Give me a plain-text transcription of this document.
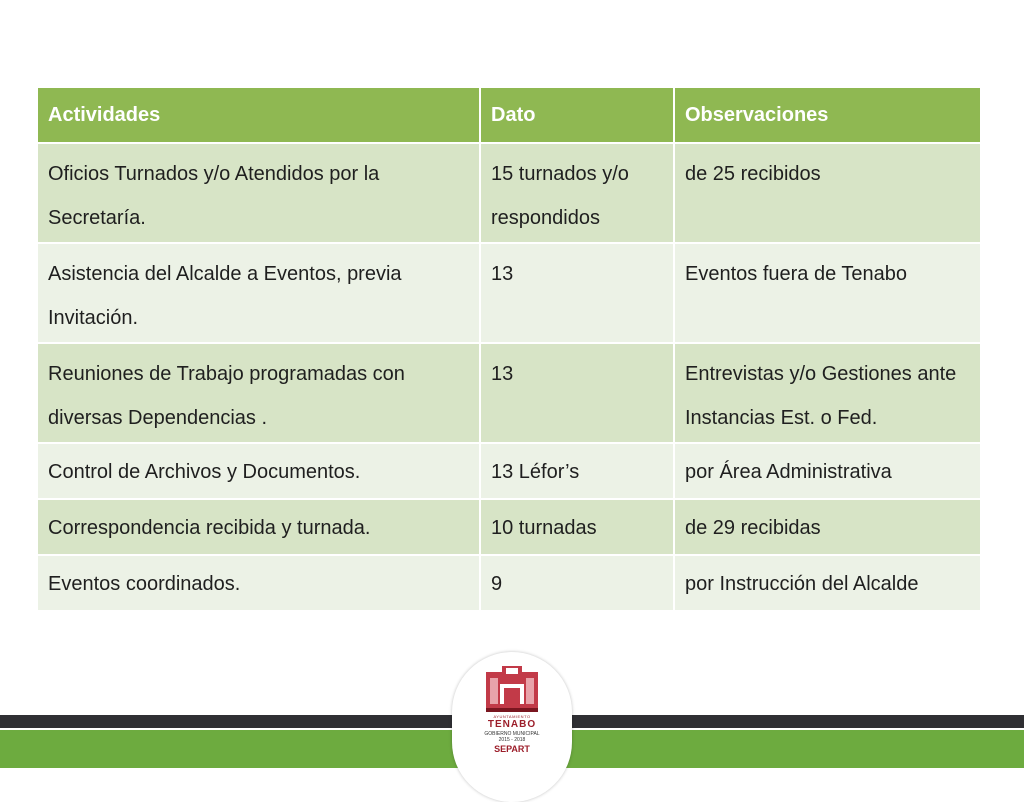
Actividades	Dato	Observaciones
Oficios Turnados y/o Atendidos por la Secretaría.	15 turnados y/o respondidos	de 25 recibidos
Asistencia del Alcalde a Eventos, previa Invitación.	13	Eventos fuera de Tenabo
Reuniones de Trabajo programadas con diversas Dependencias .	13	Entrevistas y/o Gestiones ante Instancias Est. o Fed.
Control de Archivos y Documentos.	13 Léfor’s	por Área Administrativa
Correspondencia recibida y turnada.	10 turnadas	de 29 recibidas
Eventos coordinados.	9	por Instrucción del Alcalde
AYUNTAMIENTO
TENABO
GOBIERNO MUNICIPAL
2015 - 2018
SEPART
